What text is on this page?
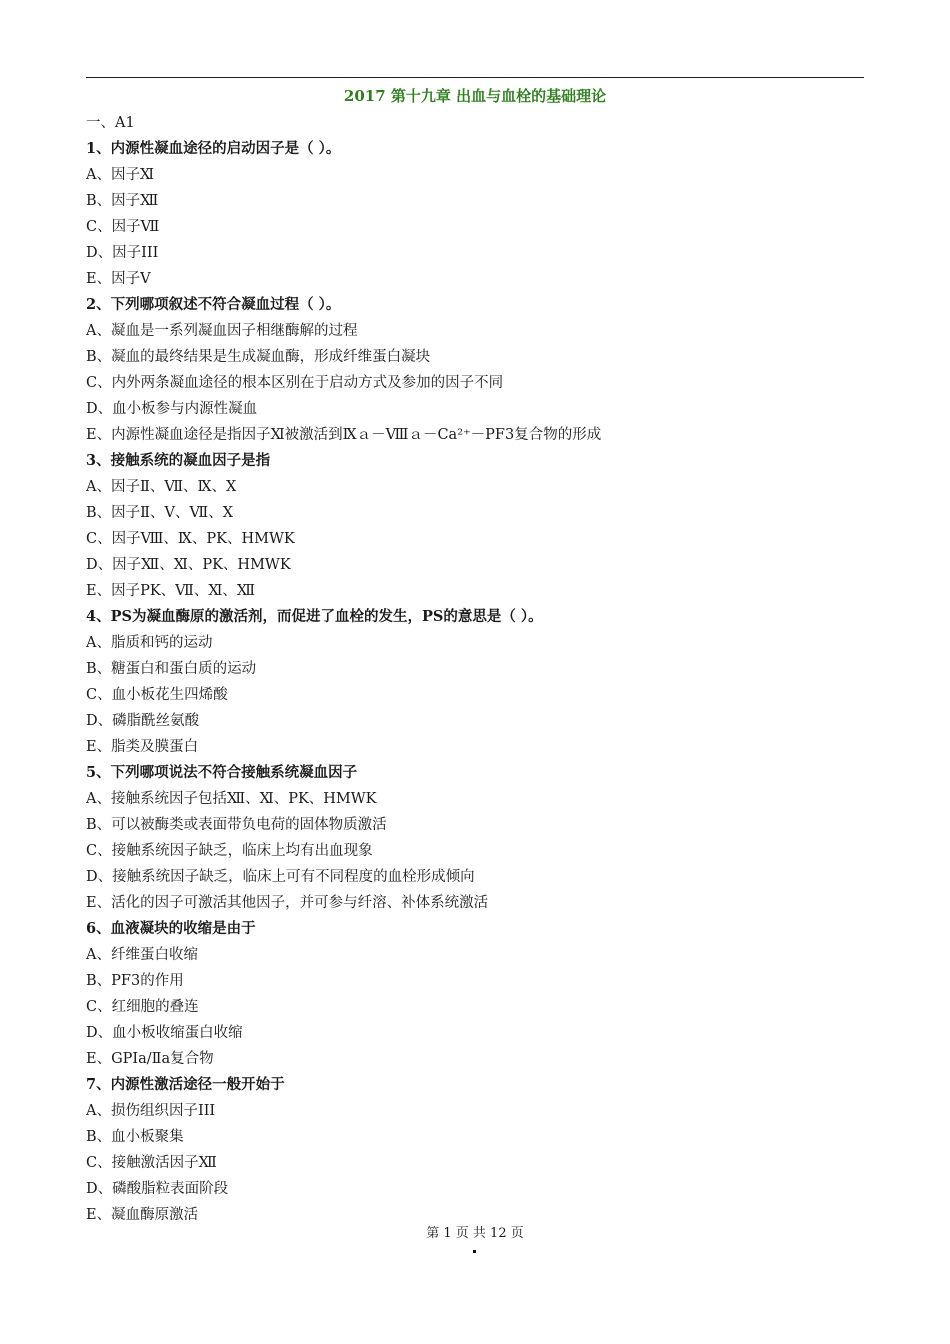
2017 第十九章 出血与血栓的基础理论
一、A1
1、内源性凝血途径的启动因子是（ ）。
A、因子Ⅺ
B、因子Ⅻ
C、因子Ⅶ
D、因子III
E、因子Ⅴ
2、下列哪项叙述不符合凝血过程（ ）。
A、凝血是一系列凝血因子相继酶解的过程
B、凝血的最终结果是生成凝血酶，形成纤维蛋白凝块
C、内外两条凝血途径的根本区别在于启动方式及参加的因子不同
D、血小板参与内源性凝血
E、内源性凝血途径是指因子Ⅺ被激活到Ⅸａ－Ⅷａ－Ca²⁺－PF3复合物的形成
3、接触系统的凝血因子是指
A、因子Ⅱ、Ⅶ、Ⅸ、Ⅹ
B、因子Ⅱ、Ⅴ、Ⅶ、Ⅹ
C、因子Ⅷ、Ⅸ、PK、HMWK
D、因子Ⅻ、Ⅺ、PK、HMWK
E、因子PK、Ⅶ、Ⅺ、Ⅻ
4、PS为凝血酶原的激活剂，而促进了血栓的发生，PS的意思是（ ）。
A、脂质和钙的运动
B、糖蛋白和蛋白质的运动
C、血小板花生四烯酸
D、磷脂酰丝氨酸
E、脂类及膜蛋白
5、下列哪项说法不符合接触系统凝血因子
A、接触系统因子包括Ⅻ、Ⅺ、PK、HMWK
B、可以被酶类或表面带负电荷的固体物质激活
C、接触系统因子缺乏，临床上均有出血现象
D、接触系统因子缺乏，临床上可有不同程度的血栓形成倾向
E、活化的因子可激活其他因子，并可参与纤溶、补体系统激活
6、血液凝块的收缩是由于
A、纤维蛋白收缩
B、PF3的作用
C、红细胞的叠连
D、血小板收缩蛋白收缩
E、GPⅠa/Ⅱa复合物
7、内源性激活途径一般开始于
A、损伤组织因子III
B、血小板聚集
C、接触激活因子Ⅻ
D、磷酸脂粒表面阶段
E、凝血酶原激活
第 1 页 共 12 页
